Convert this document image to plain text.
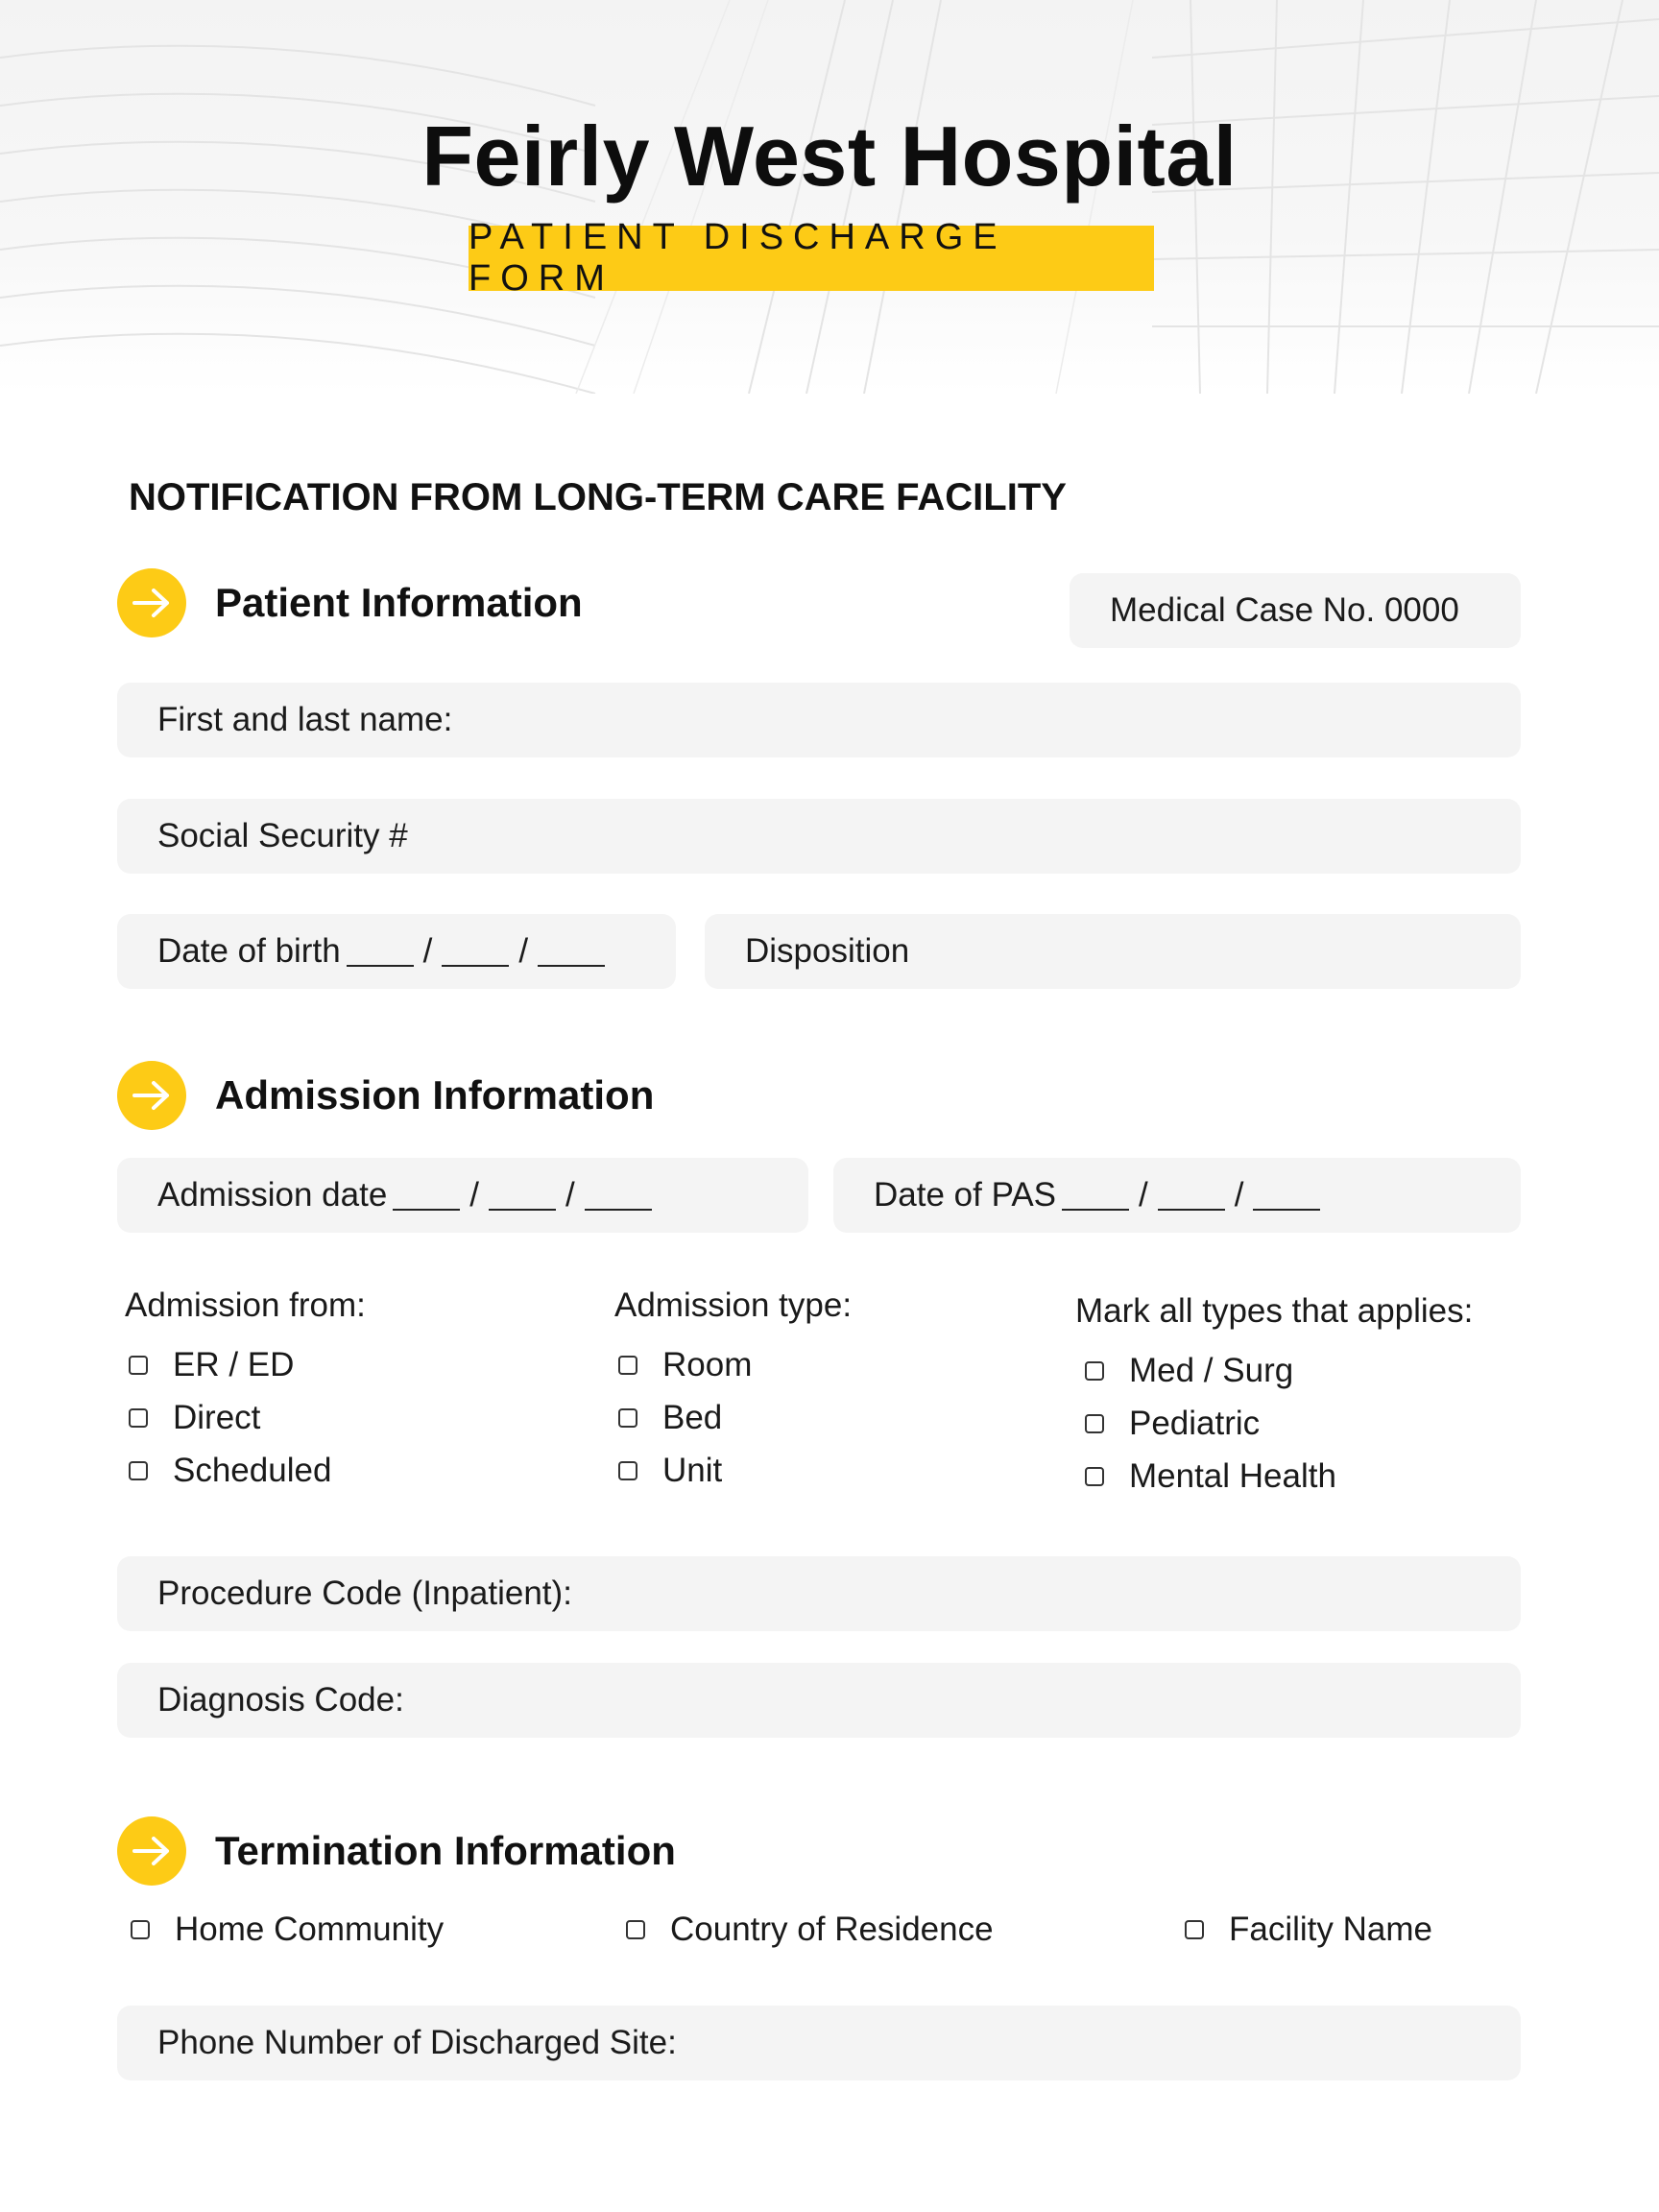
Feirly West Hospital
PATIENT DISCHARGE FORM
NOTIFICATION FROM LONG-TERM CARE FACILITY
Patient Information	Medical Case No. 0000
First and last name:
Social Security #
Date of birth /	/	Disposition
Admission Information
Admission date /	/	Date of PAS /	/
Admission from:
ER / ED
Direct
Scheduled
Admission type:
Room
Bed
Unit
Mark all types that applies:
Med / Surg
Pediatric
Mental Health
Procedure Code (Inpatient):
Diagnosis Code:
Termination Information
Home Community	Country of Residence	Facility Name
Phone Number of Discharged Site:
